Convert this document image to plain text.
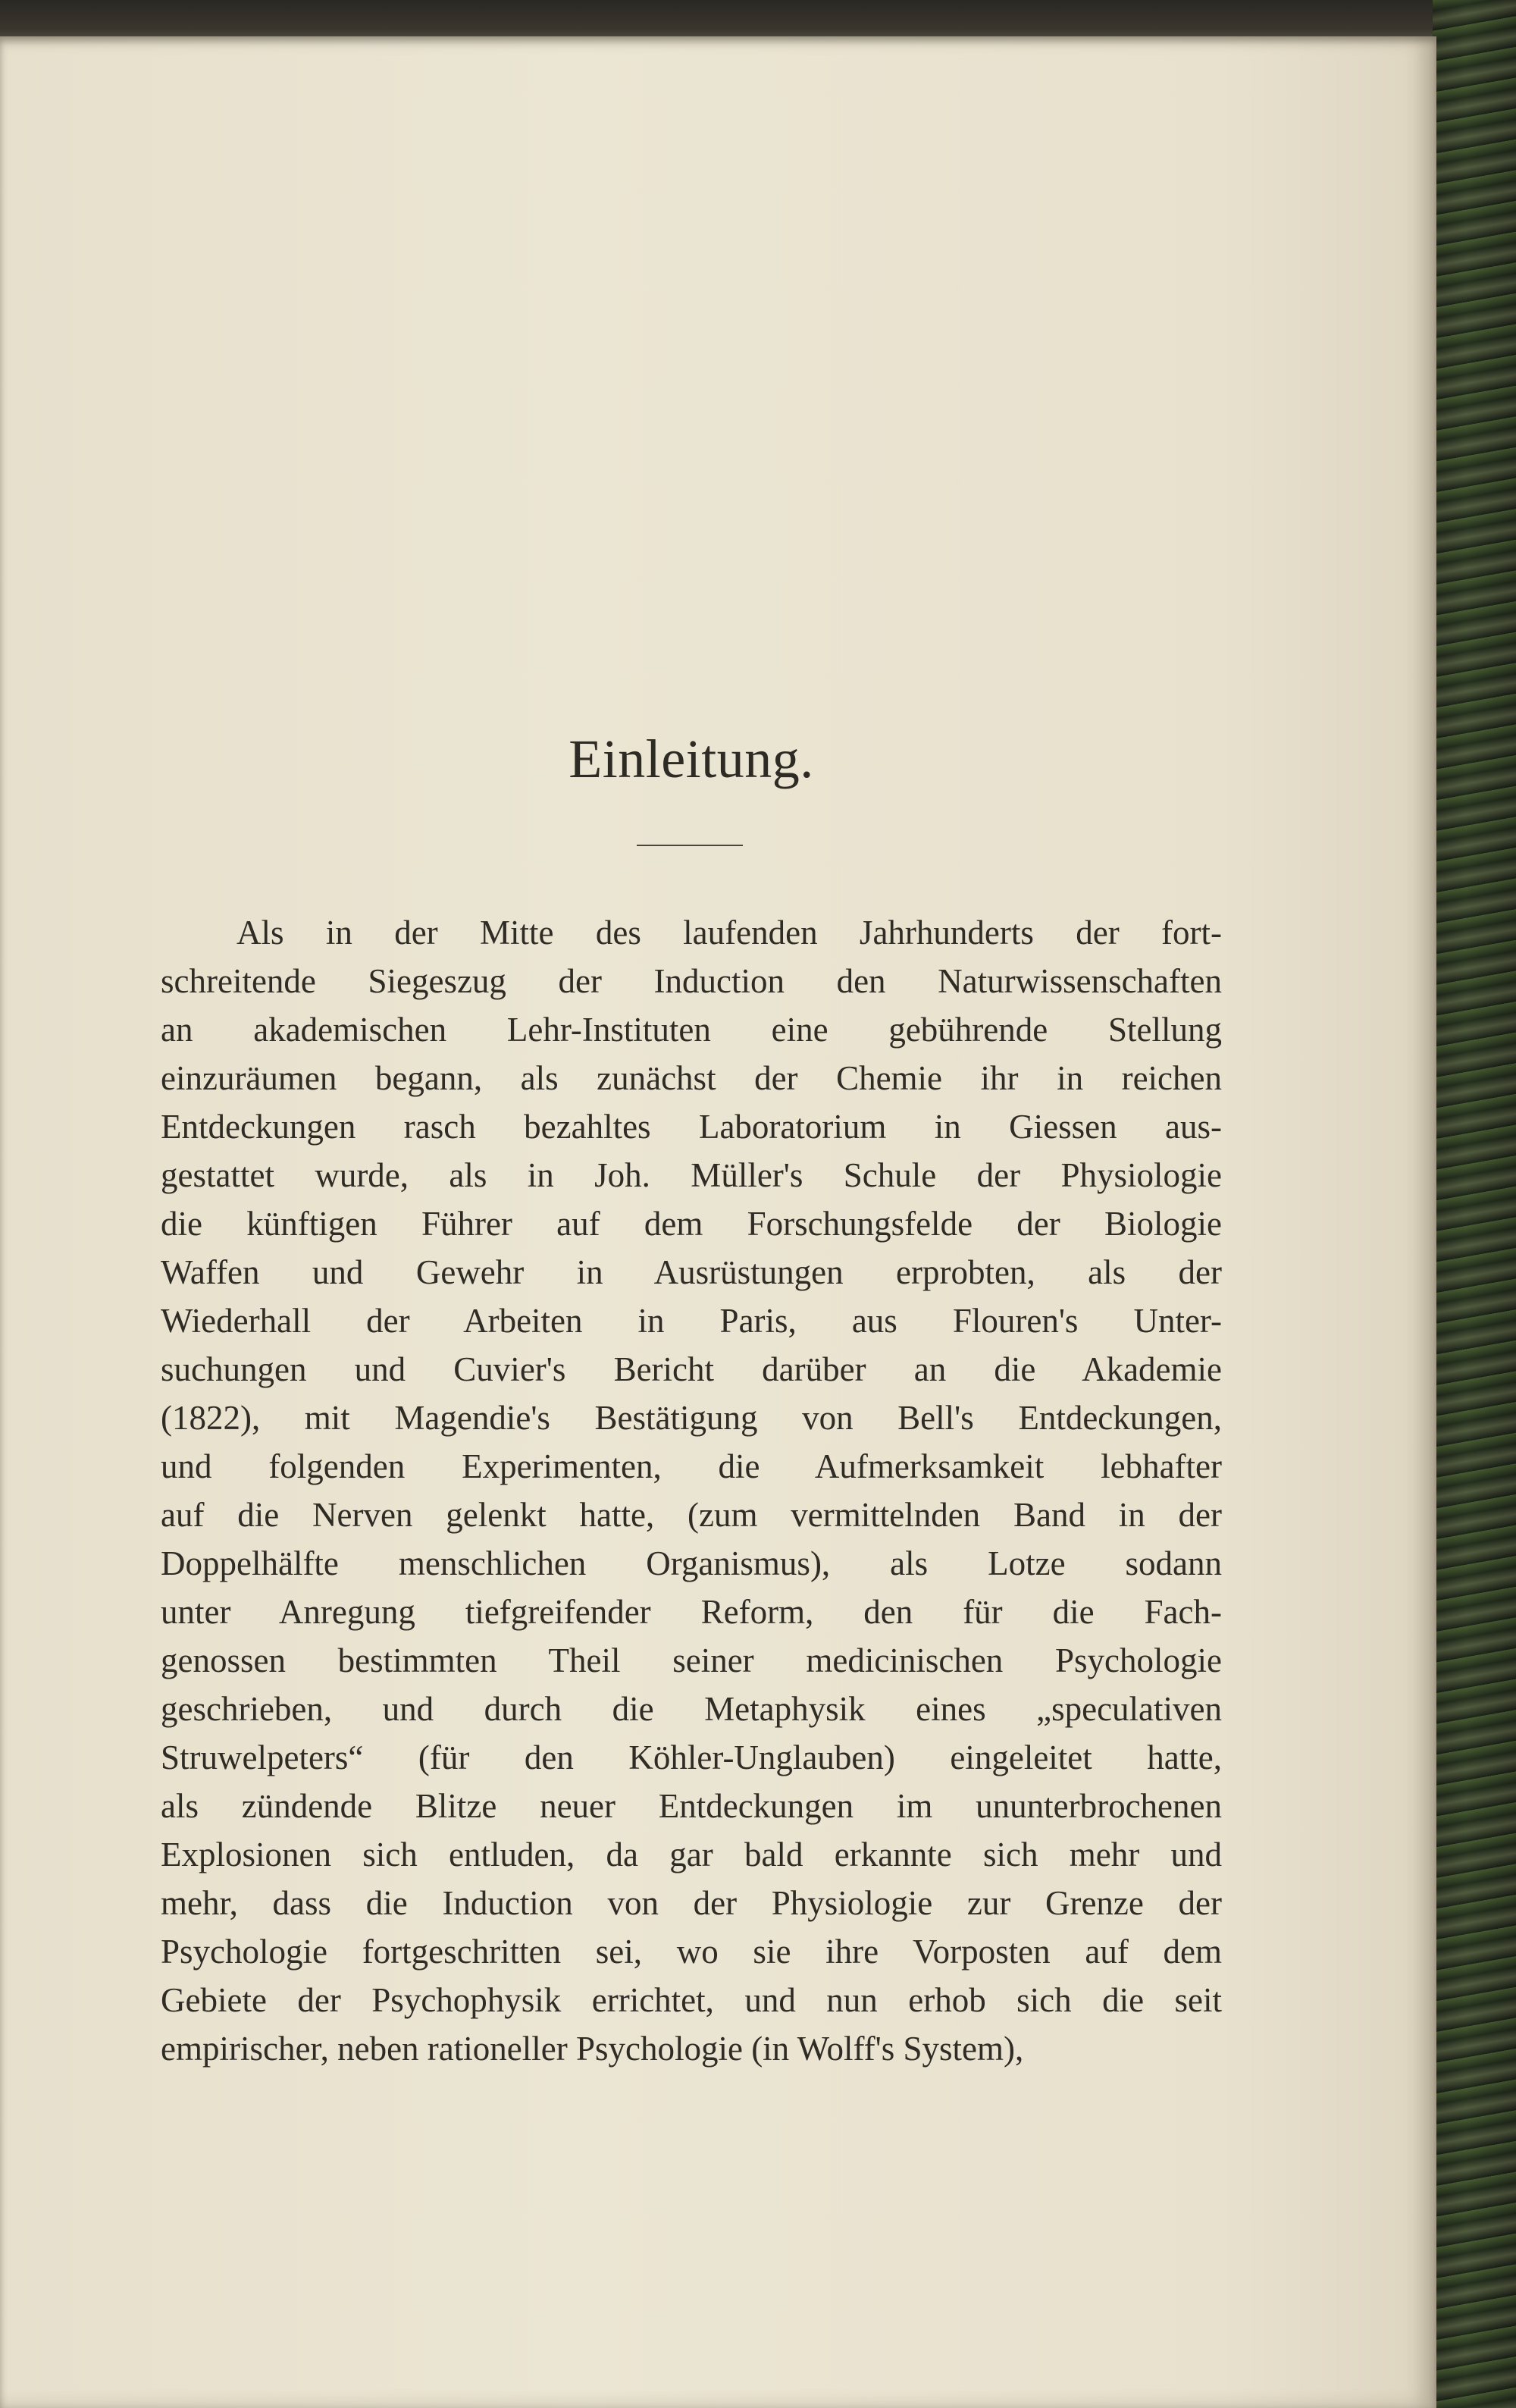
Einleitung.
Als in der Mitte des laufenden Jahrhunderts der fort-
schreitende Siegeszug der Induction den Naturwissenschaften
an akademischen Lehr-Instituten eine gebührende Stellung
einzuräumen begann, als zunächst der Chemie ihr in reichen
Entdeckungen rasch bezahltes Laboratorium in Giessen aus-
gestattet wurde, als in Joh. Müller's Schule der Physiologie
die künftigen Führer auf dem Forschungsfelde der Biologie
Waffen und Gewehr in Ausrüstungen erprobten, als der
Wiederhall der Arbeiten in Paris, aus Flouren's Unter-
suchungen und Cuvier's Bericht darüber an die Akademie
(1822), mit Magendie's Bestätigung von Bell's Entdeckungen,
und folgenden Experimenten, die Aufmerksamkeit lebhafter
auf die Nerven gelenkt hatte, (zum vermittelnden Band in der
Doppelhälfte menschlichen Organismus), als Lotze sodann
unter Anregung tiefgreifender Reform, den für die Fach-
genossen bestimmten Theil seiner medicinischen Psychologie
geschrieben, und durch die Metaphysik eines „speculativen
Struwelpeters“ (für den Köhler-Unglauben) eingeleitet hatte,
als zündende Blitze neuer Entdeckungen im ununterbrochenen
Explosionen sich entluden, da gar bald erkannte sich mehr und
mehr, dass die Induction von der Physiologie zur Grenze der
Psychologie fortgeschritten sei, wo sie ihre Vorposten auf dem
Gebiete der Psychophysik errichtet, und nun erhob sich die seit
empirischer, neben rationeller Psychologie (in Wolff's System),
